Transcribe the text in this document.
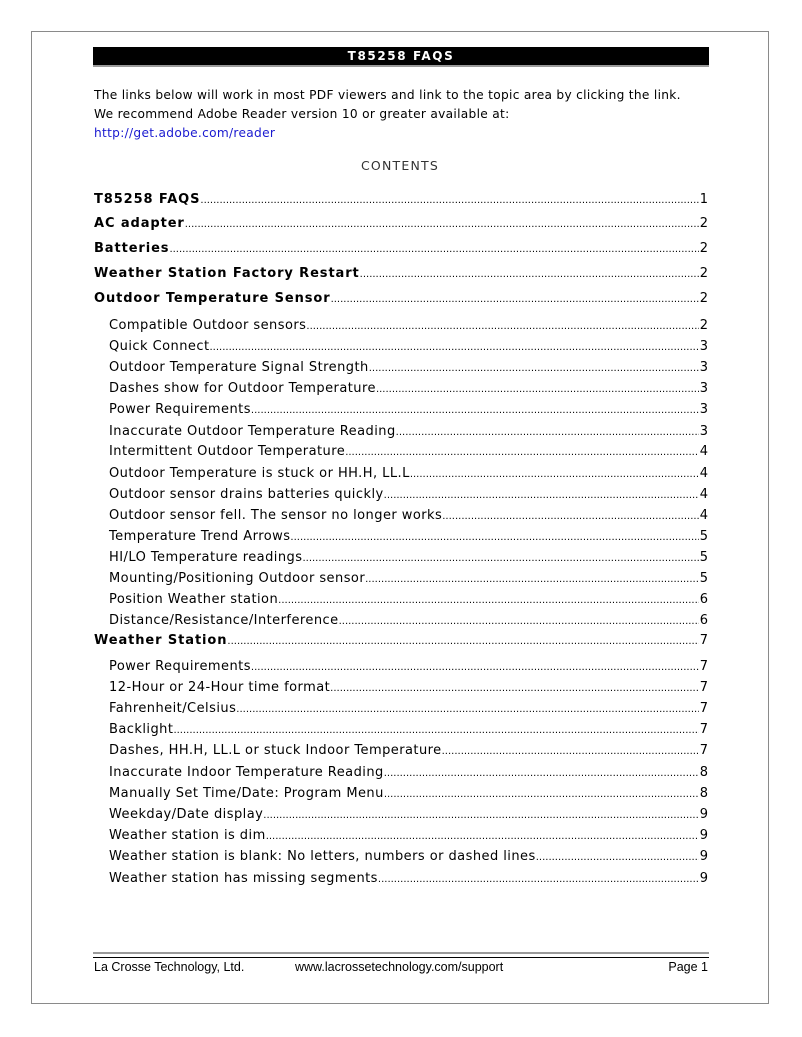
T85258 FAQS
The links below will work in most PDF viewers and link to the topic area by clicking the link.
We recommend Adobe Reader version 10 or greater available at:
http://get.adobe.com/reader
CONTENTS
T85258 FAQS .....	1
AC adapter .....	2
Batteries .....	2
Weather Station Factory Restart .....	2
Outdoor Temperature Sensor .....	2
Compatible Outdoor sensors .....	2
Quick Connect .....	3
Outdoor Temperature Signal Strength .....	3
Dashes show for Outdoor Temperature .....	3
Power Requirements .....	3
Inaccurate Outdoor Temperature Reading .....	3
Intermittent Outdoor Temperature .....	4
Outdoor Temperature is stuck or HH.H, LL.L .....	4
Outdoor sensor drains batteries quickly .....	4
Outdoor sensor fell. The sensor no longer works .....	4
Temperature Trend Arrows .....	5
HI/LO Temperature readings .....	5
Mounting/Positioning Outdoor sensor .....	5
Position Weather station .....	6
Distance/Resistance/Interference .....	6
Weather Station .....	7
Power Requirements .....	7
12-Hour or 24-Hour time format .....	7
Fahrenheit/Celsius .....	7
Backlight .....	7
Dashes, HH.H, LL.L or stuck Indoor Temperature .....	7
Inaccurate Indoor Temperature Reading .....	8
Manually Set Time/Date: Program Menu .....	8
Weekday/Date display .....	9
Weather station is dim .....	9
Weather station is blank: No letters, numbers or dashed lines .....	9
Weather station has missing segments .....	9
La Crosse Technology, Ltd.	www.lacrossetechnology.com/support	Page 1
